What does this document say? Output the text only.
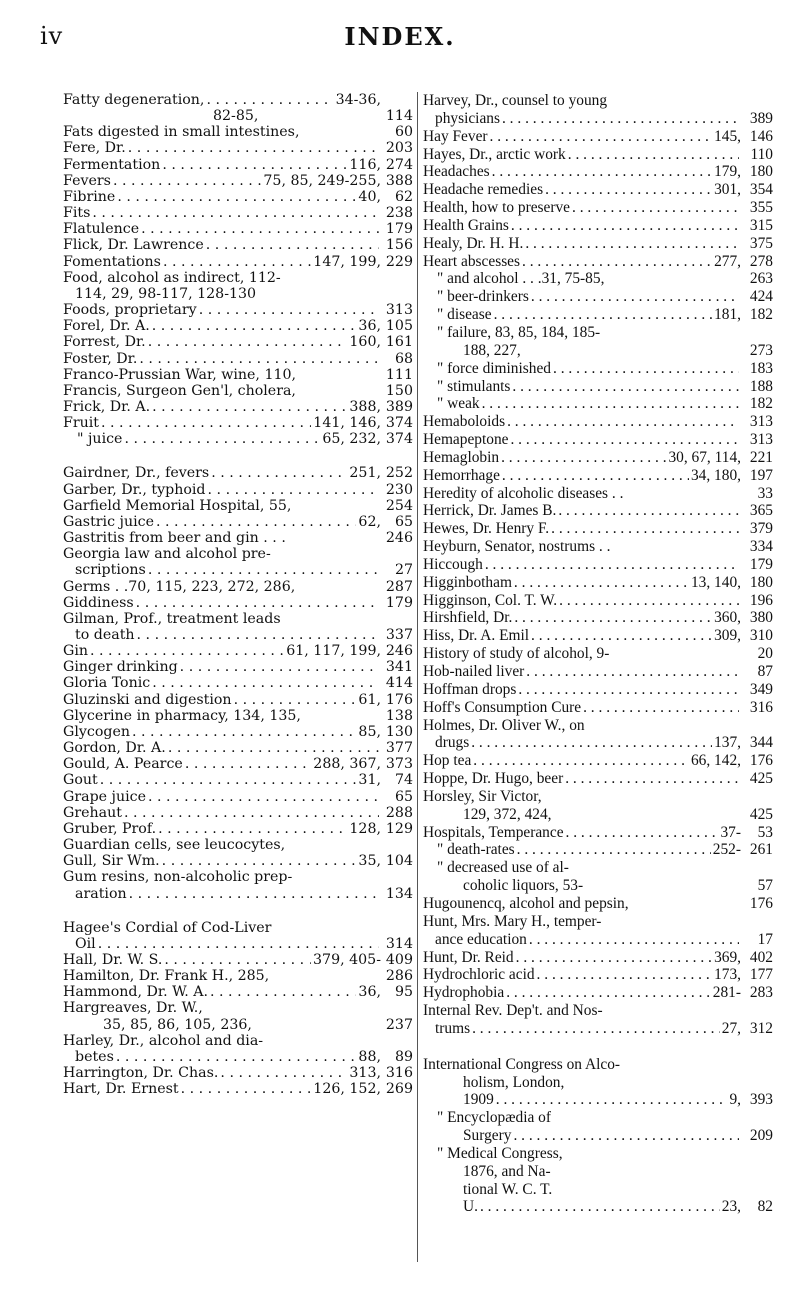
iv	INDEX.
Fatty degeneration, . . .	34-36,
82-85,	114
Fats digested in small intestines,	60
Fere, Dr. . . .	203
Fermentation . . .	116, 274
Fevers . . .	75, 85, 249-255, 388
Fibrine . . .	40, 62
Fits . . .	238
Flatulence . . .	179
Flick, Dr. Lawrence . . .	156
Fomentations . . .	147, 199, 229
Food, alcohol as indirect, 112-
114, 29, 98-117, 128-130
Foods, proprietary . . .	313
Forel, Dr. A. . . .	36, 105
Forrest, Dr. . . .	160, 161
Foster, Dr. . . .	68
Franco-Prussian War, wine, 110,	111
Francis, Surgeon Gen'l, cholera,	150
Frick, Dr. A. . . .	388, 389
Fruit . . .	141, 146, 374
" juice . . .	65, 232, 374
Gairdner, Dr., fevers . . .	251, 252
Garber, Dr., typhoid . . .	230
Garfield Memorial Hospital, 55,	254
Gastric juice . . .	62, 65
Gastritis from beer and gin . . .	246
Georgia law and alcohol pre-
scriptions . . .	27
Germs . .70, 115, 223, 272, 286,	287
Giddiness . . .	179
Gilman, Prof., treatment leads
to death . . .	337
Gin . . .	61, 117, 199, 246
Ginger drinking . . .	341
Gloria Tonic . . .	414
Gluzinski and digestion . . .	61, 176
Glycerine in pharmacy, 134, 135,	138
Glycogen . . .	85, 130
Gordon, Dr. A. . . .	377
Gould, A. Pearce . . .	288, 367, 373
Gout . . .	31, 74
Grape juice . . .	65
Grehaut . . .	288
Gruber, Prof. . . .	128, 129
Guardian cells, see leucocytes,
Gull, Sir Wm. . . .	35, 104
Gum resins, non-alcoholic prep-
aration . . .	134
Hagee's Cordial of Cod-Liver
Oil . . .	314
Hall, Dr. W. S. . . .	379, 405- 409
Hamilton, Dr. Frank H., 285,	286
Hammond, Dr. W. A. . . .	36, 95
Hargreaves, Dr. W.,
35, 85, 86, 105, 236,	237
Harley, Dr., alcohol and dia-
betes . . .	88, 89
Harrington, Dr. Chas. . . .	313, 316
Hart, Dr. Ernest . . .	126, 152, 269
Harvey, Dr., counsel to young
physicians . . .	389
Hay Fever . . .	145, 146
Hayes, Dr., arctic work . . .	110
Headaches . . .	179, 180
Headache remedies . . .	301, 354
Health, how to preserve . . .	355
Health Grains . . .	315
Healy, Dr. H. H. . . .	375
Heart abscesses . . .	277, 278
" and alcohol . . .31, 75-85,	263
" beer-drinkers . . .	424
" disease . . .	181, 182
" failure, 83, 85, 184, 185-
188, 227,	273
" force diminished . . .	183
" stimulants . . .	188
" weak . . .	182
Hemaboloids . . .	313
Hemapeptone . . .	313
Hemaglobin . . .	30, 67, 114, 221
Hemorrhage . . .	34, 180, 197
Heredity of alcoholic diseases . .	33
Herrick, Dr. James B. . . .	365
Hewes, Dr. Henry F. . . .	379
Heyburn, Senator, nostrums . .	334
Hiccough . . .	179
Higginbotham . . .	13, 140, 180
Higginson, Col. T. W. . . .	196
Hirshfield, Dr. . . .	360, 380
Hiss, Dr. A. Emil . . .	309, 310
History of study of alcohol, 9-	20
Hob-nailed liver . . .	87
Hoffman drops . . .	349
Hoff's Consumption Cure . . .	316
Holmes, Dr. Oliver W., on
drugs . . .	137, 344
Hop tea . . .	66, 142, 176
Hoppe, Dr. Hugo, beer . . .	425
Horsley, Sir Victor,
129, 372, 424,	425
Hospitals, Temperance . . .	37-	53
" death-rates . . .	252- 261
" decreased use of al-
coholic liquors, 53-	57
Hugounencq, alcohol and pepsin,	176
Hunt, Mrs. Mary H., temper-
ance education . . .	17
Hunt, Dr. Reid . . .	369, 402
Hydrochloric acid . . .	173, 177
Hydrophobia . . .	281- 283
Internal Rev. Dep't. and Nos-
trums . . .	27, 312
International Congress on Alco-
holism, London,
1909 . . .	9, 393
" Encyclopædia of
Surgery . . .	209
" Medical Congress,
1876, and Na-
tional W. C. T.
U. . . .	23,	82
